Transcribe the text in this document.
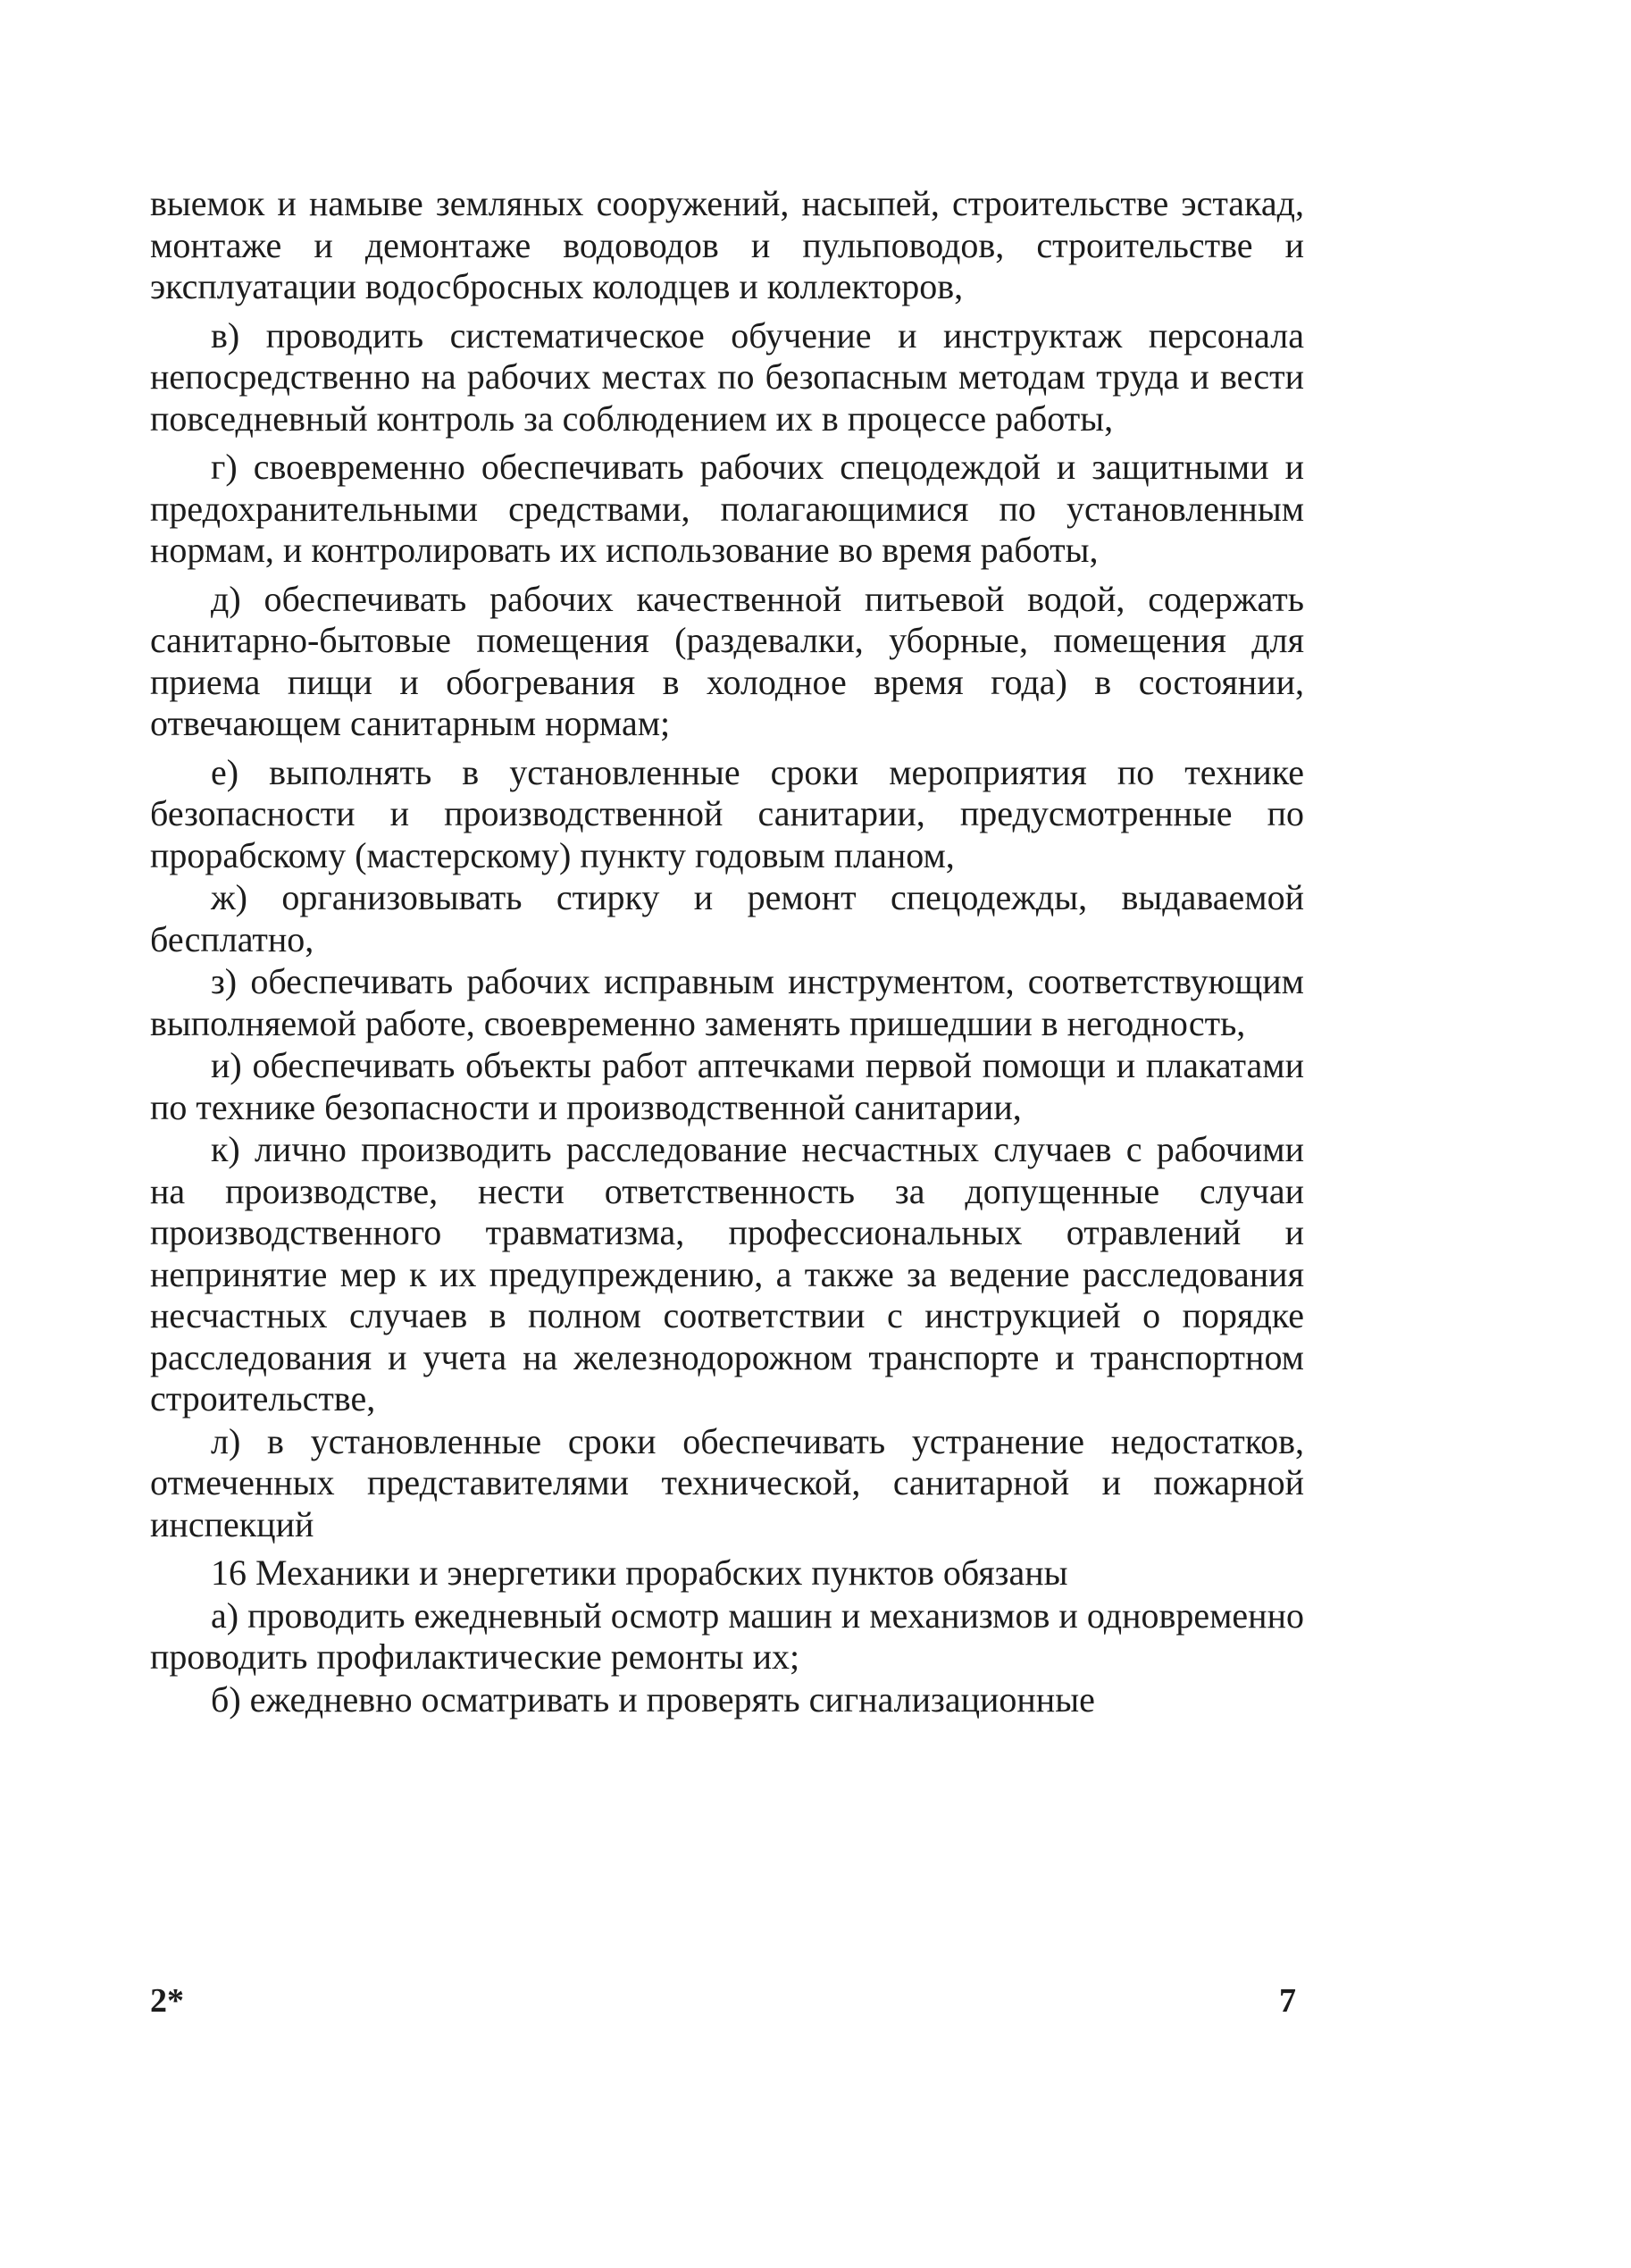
выемок и намыве земляных сооружений, насыпей, строительстве эстакад, монтаже и демонтаже водоводов и пульповодов, строительстве и эксплуатации водосбросных колодцев и коллекторов,

в) проводить систематическое обучение и инструктаж персонала непосредственно на рабочих местах по безопасным методам труда и вести повседневный контроль за соблюдением их в процессе работы,

г) своевременно обеспечивать рабочих спецодеждой и защитными и предохранительными средствами, полагающимися по установленным нормам, и контролировать их использование во время работы,

д) обеспечивать рабочих качественной питьевой водой, содержать санитарно-бытовые помещения (раздевалки, уборные, помещения для приема пищи и обогревания в холодное время года) в состоянии, отвечающем санитарным нормам;

е) выполнять в установленные сроки мероприятия по технике безопасности и производственной санитарии, предусмотренные по прорабскому (мастерскому) пункту годовым планом,

ж) организовывать стирку и ремонт спецодежды, выдаваемой бесплатно,

з) обеспечивать рабочих исправным инструментом, соответствующим выполняемой работе, своевременно заменять пришедшии в негодность,

и) обеспечивать объекты работ аптечками первой помощи и плакатами по технике безопасности и производственной санитарии,

к) лично производить расследование несчастных случаев с рабочими на производстве, нести ответственность за допущенные случаи производственного травматизма, профессиональных отравлений и непринятие мер к их предупреждению, а также за ведение расследования несчастных случаев в полном соответствии с инструкцией о порядке расследования и учета на железнодорожном транспорте и транспортном строительстве,

л) в установленные сроки обеспечивать устранение недостатков, отмеченных представителями технической, санитарной и пожарной инспекций

16 Механики и энергетики прорабских пунктов обязаны

а) проводить ежедневный осмотр машин и механизмов и одновременно проводить профилактические ремонты их;

б) ежедневно осматривать и проверять сигнализационные

2*	7
